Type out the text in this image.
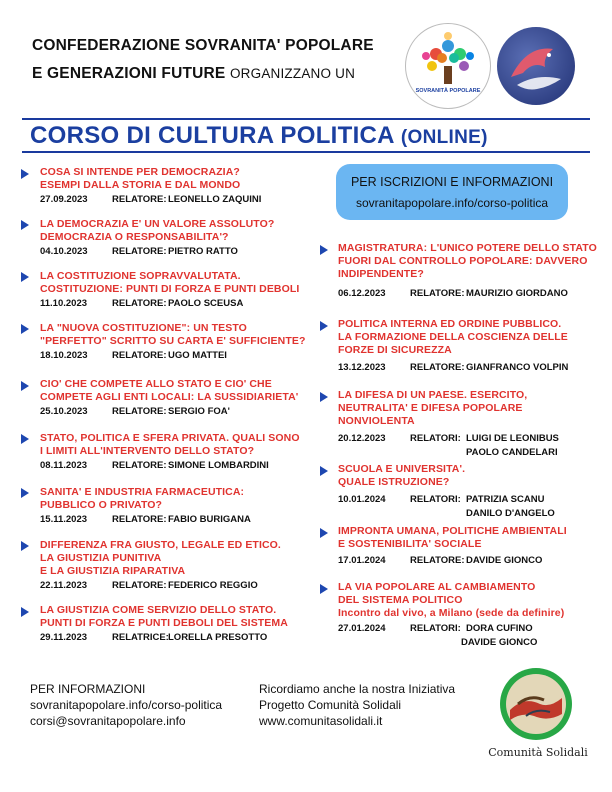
CONFEDERAZIONE SOVRANITA' POPOLARE
E GENERAZIONI FUTURE ORGANIZZANO UN
SOVRANITÀ POPOLARE
CORSO DI CULTURA POLITICA (ONLINE)
PER ISCRIZIONI E INFORMAZIONI
sovranitapopolare.info/corso-politica
COSA SI INTENDE PER DEMOCRAZIA?
ESEMPI DALLA STORIA E DAL MONDO
27.09.2023	RELATORE:LEONELLO ZAQUINI
LA DEMOCRAZIA E' UN VALORE ASSOLUTO?
DEMOCRAZIA O RESPONSABILITA'?
04.10.2023	RELATORE:PIETRO RATTO
LA COSTITUZIONE SOPRAVVALUTATA.
COSTITUZIONE: PUNTI DI FORZA E PUNTI DEBOLI
11.10.2023	RELATORE:PAOLO SCEUSA
LA "NUOVA COSTITUZIONE": UN TESTO
"PERFETTO" SCRITTO SU CARTA E' SUFFICIENTE?
18.10.2023	RELATORE:UGO MATTEI
CIO' CHE COMPETE ALLO STATO E CIO' CHE
COMPETE AGLI ENTI LOCALI: LA SUSSIDIARIETA'
25.10.2023	RELATORE:SERGIO FOA'
STATO, POLITICA E SFERA PRIVATA. QUALI SONO
I LIMITI ALL'INTERVENTO DELLO STATO?
08.11.2023	RELATORE:SIMONE LOMBARDINI
SANITA' E INDUSTRIA FARMACEUTICA:
PUBBLICO O PRIVATO?
15.11.2023	RELATORE:FABIO BURIGANA
DIFFERENZA FRA GIUSTO, LEGALE ED ETICO.
LA GIUSTIZIA PUNITIVA
E LA GIUSTIZIA RIPARATIVA
22.11.2023	RELATORE:FEDERICO REGGIO
LA GIUSTIZIA COME SERVIZIO DELLO STATO.
PUNTI DI FORZA E PUNTI DEBOLI DEL SISTEMA
29.11.2023	RELATRICE:LORELLA PRESOTTO
MAGISTRATURA: L'UNICO POTERE DELLO STATO
FUORI DAL CONTROLLO POPOLARE: DAVVERO
INDIPENDENTE?
06.12.2023	RELATORE:MAURIZIO GIORDANO
POLITICA INTERNA ED ORDINE PUBBLICO.
LA FORMAZIONE DELLA COSCIENZA DELLE
FORZE DI SICUREZZA
13.12.2023	RELATORE:GIANFRANCO VOLPIN
LA DIFESA DI UN PAESE. ESERCITO,
NEUTRALITA' E DIFESA POPOLARE
NONVIOLENTA
20.12.2023	RELATORI: LUIGI DE LEONIBUS
PAOLO CANDELARI
SCUOLA E UNIVERSITA'.
QUALE ISTRUZIONE?
10.01.2024	RELATORI: PATRIZIA SCANU
DANILO D'ANGELO
IMPRONTA UMANA, POLITICHE AMBIENTALI
E SOSTENIBILITA' SOCIALE
17.01.2024	RELATORE:DAVIDE GIONCO
LA VIA POPOLARE AL CAMBIAMENTO
DEL SISTEMA POLITICO
Incontro dal vivo, a Milano (sede da definire)
27.01.2024	RELATORI: DORA CUFINO
DAVIDE GIONCO
PER INFORMAZIONI
sovranitapopolare.info/corso-politica
corsi@sovranitapopolare.info
Ricordiamo anche la nostra Iniziativa
Progetto Comunità Solidali
www.comunitasolidali.it
Comunità Solidali
